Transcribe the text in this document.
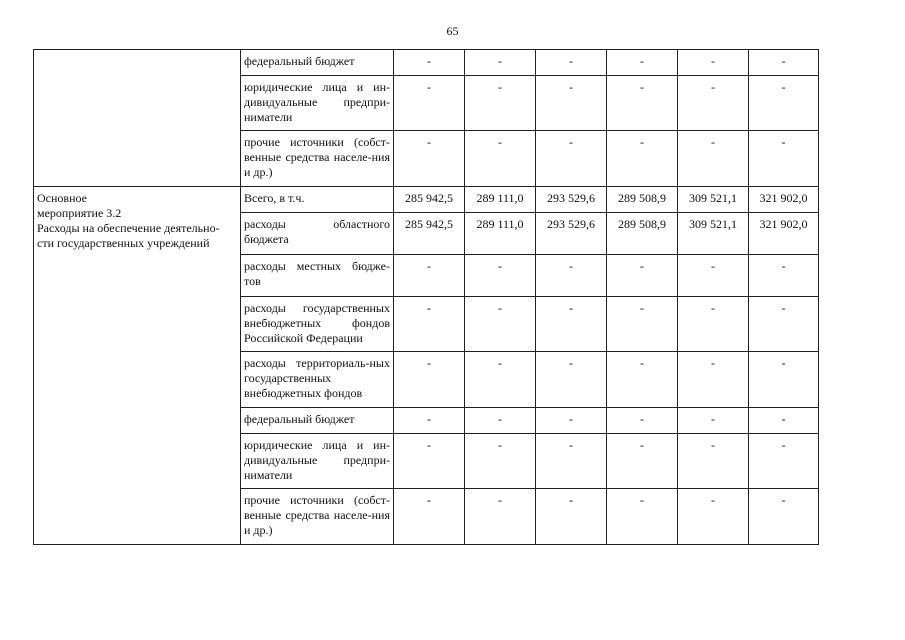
65
	федеральный бюджет	-	-	-	-	-	-
	юридические лица и ин-дивидуальные предпри-ниматели	-	-	-	-	-	-
	прочие источники (собст-венные средства населе-ния и др.)	-	-	-	-	-	-

Основное
мероприятие 3.2
Расходы на обеспечение деятельно-
сти государственных учреждений	Всего, в т.ч.	285 942,5	289 111,0	293 529,6	289 508,9	309 521,1	321 902,0
	расходы областного бюджета	285 942,5	289 111,0	293 529,6	289 508,9	309 521,1	321 902,0
	расходы местных бюдже-тов	-	-	-	-	-	-
	расходы государственных внебюджетных фондов Российской Федерации	-	-	-	-	-	-
	расходы территориаль-ных государственных внебюджетных фондов	-	-	-	-	-	-
	федеральный бюджет	-	-	-	-	-	-
	юридические лица и ин-дивидуальные предпри-ниматели	-	-	-	-	-	-
	прочие источники (собст-венные средства населе-ния и др.)	-	-	-	-	-	-
